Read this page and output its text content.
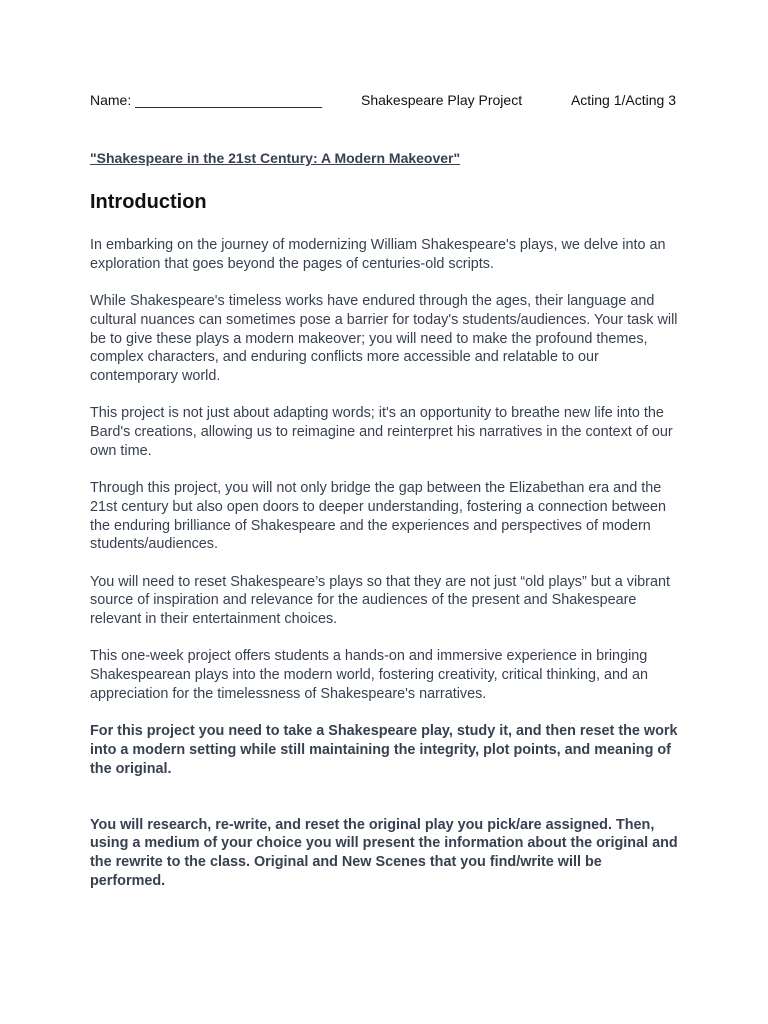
Name: ________________________	Shakespeare Play Project	Acting 1/Acting 3
"Shakespeare in the 21st Century: A Modern Makeover"
Introduction

In embarking on the journey of modernizing William Shakespeare's plays, we delve into an exploration that goes beyond the pages of centuries-old scripts.

While Shakespeare's timeless works have endured through the ages, their language and cultural nuances can sometimes pose a barrier for today's students/audiences. Your task will be to give these plays a modern makeover; you will need to make the profound themes, complex characters, and enduring conflicts more accessible and relatable to our contemporary world.

This project is not just about adapting words; it's an opportunity to breathe new life into the Bard's creations, allowing us to reimagine and reinterpret his narratives in the context of our own time.

Through this project, you will not only bridge the gap between the Elizabethan era and the 21st century but also open doors to deeper understanding, fostering a connection between the enduring brilliance of Shakespeare and the experiences and perspectives of modern students/audiences.

You will need to reset Shakespeare’s plays so that they are not just “old plays” but a vibrant source of inspiration and relevance for the audiences of the present and Shakespeare relevant in their entertainment choices.

This one-week project offers students a hands-on and immersive experience in bringing Shakespearean plays into the modern world, fostering creativity, critical thinking, and an appreciation for the timelessness of Shakespeare's narratives.

For this project you need to take a Shakespeare play, study it, and then reset the work into a modern setting while still maintaining the integrity, plot points, and meaning of the original.

You will research, re-write, and reset the original play you pick/are assigned. Then, using a medium of your choice you will present the information about the original and the rewrite to the class. Original and New Scenes that you find/write will be performed.
